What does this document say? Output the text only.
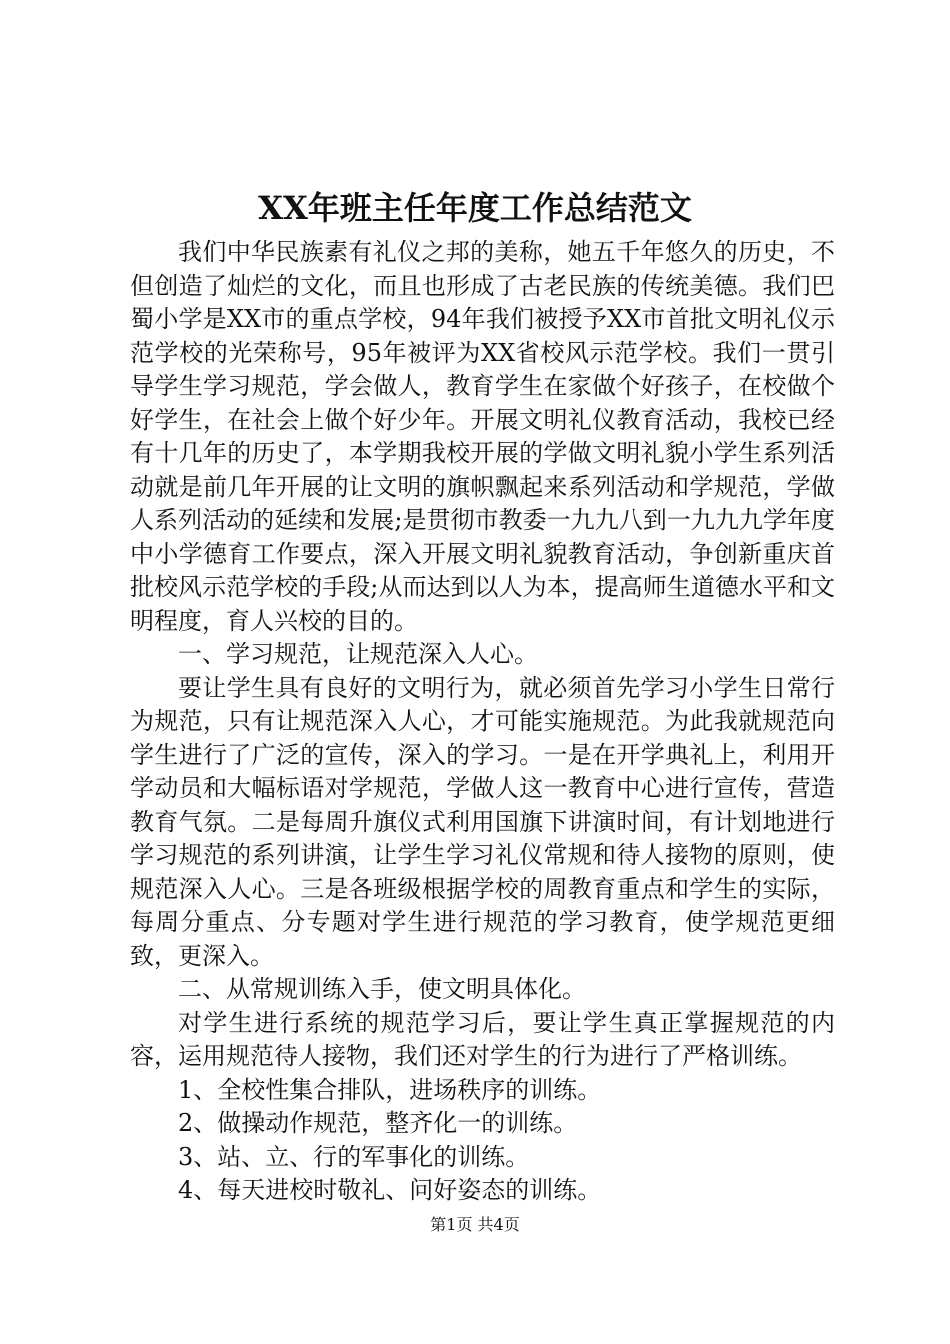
XX年班主任年度工作总结范文

我们中华民族素有礼仪之邦的美称，她五千年悠久的历史，不但创造了灿烂的文化，而且也形成了古老民族的传统美德。我们巴蜀小学是XX市的重点学校，94年我们被授予XX市首批文明礼仪示范学校的光荣称号，95年被评为XX省校风示范学校。我们一贯引导学生学习规范，学会做人，教育学生在家做个好孩子，在校做个好学生，在社会上做个好少年。开展文明礼仪教育活动，我校已经有十几年的历史了，本学期我校开展的学做文明礼貌小学生系列活动就是前几年开展的让文明的旗帜飘起来系列活动和学规范，学做人系列活动的延续和发展;是贯彻市教委一九九八到一九九九学年度中小学德育工作要点，深入开展文明礼貌教育活动，争创新重庆首批校风示范学校的手段;从而达到以人为本，提高师生道德水平和文明程度，育人兴校的目的。

一、学习规范，让规范深入人心。

要让学生具有良好的文明行为，就必须首先学习小学生日常行为规范，只有让规范深入人心，才可能实施规范。为此我就规范向学生进行了广泛的宣传，深入的学习。一是在开学典礼上，利用开学动员和大幅标语对学规范，学做人这一教育中心进行宣传，营造教育气氛。二是每周升旗仪式利用国旗下讲演时间，有计划地进行学习规范的系列讲演，让学生学习礼仪常规和待人接物的原则，使规范深入人心。三是各班级根据学校的周教育重点和学生的实际，每周分重点、分专题对学生进行规范的学习教育，使学规范更细致，更深入。

二、从常规训练入手，使文明具体化。

对学生进行系统的规范学习后，要让学生真正掌握规范的内容，运用规范待人接物，我们还对学生的行为进行了严格训练。

1、全校性集合排队，进场秩序的训练。

2、做操动作规范，整齐化一的训练。

3、站、立、行的军事化的训练。

4、每天进校时敬礼、问好姿态的训练。

第1页 共4页
